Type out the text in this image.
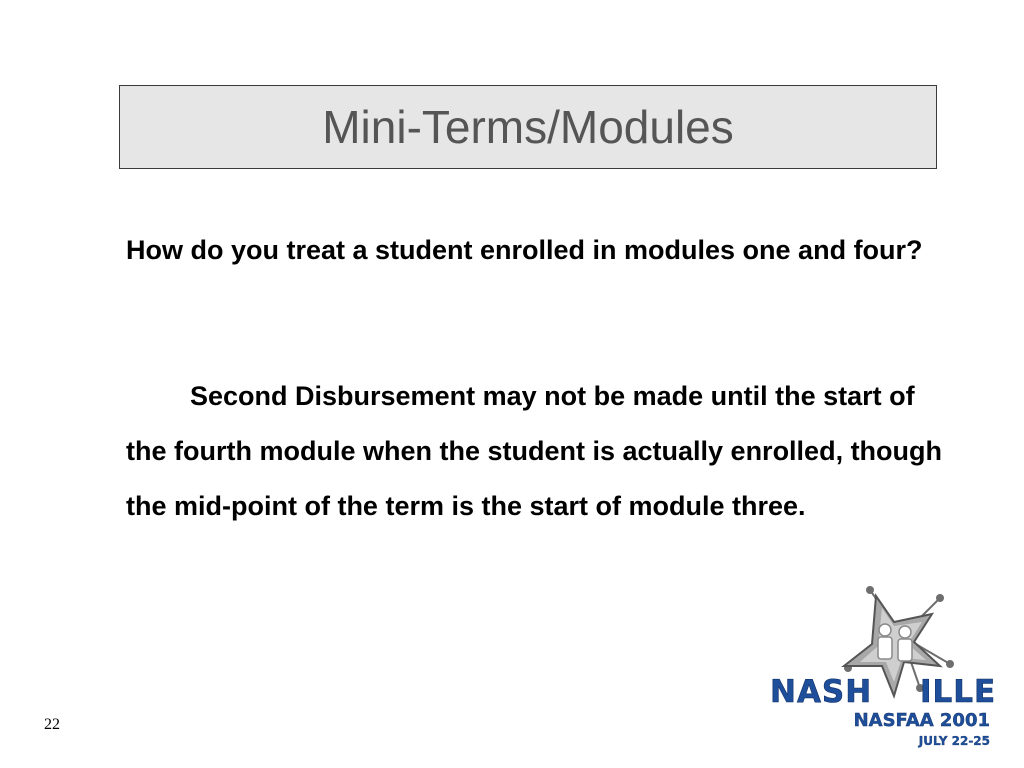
Mini-Terms/Modules

How do you treat a student enrolled in modules one and four?

Second Disbursement may not be made until the start of the fourth module when the student is actually enrolled, though the mid-point of the term is the start of module three.

22
NASH ILLE
NASFAA 2001
JULY 22-25
